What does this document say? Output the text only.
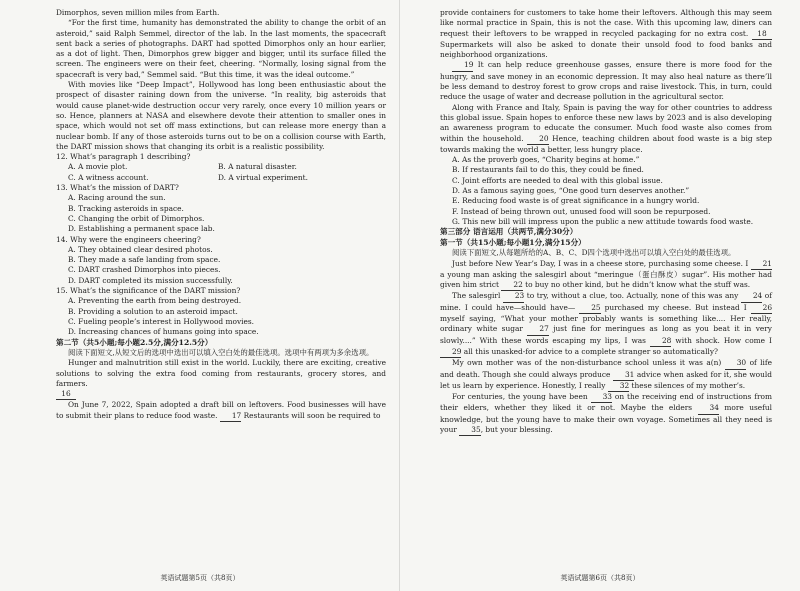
Dimorphos, seven million miles from Earth.

“For the first time, humanity has demonstrated the ability to change the orbit of an asteroid,” said Ralph Semmel, director of the lab. In the last moments, the spacecraft sent back a series of photographs. DART had spotted Dimorphos only an hour earlier, as a dot of light. Then, Dimorphos grew bigger and bigger, until its surface filled the screen. The engineers were on their feet, cheering. “Normally, losing signal from the spacecraft is very bad,” Semmel said. “But this time, it was the ideal outcome.”

With movies like “Deep Impact”, Hollywood has long been enthusiastic about the prospect of disaster raining down from the universe. “In reality, big asteroids that would cause planet-wide destruction occur very rarely, once every 10 million years or so. Hence, planners at NASA and elsewhere devote their attention to smaller ones in space, which would not set off mass extinctions, but can release more energy than a nuclear bomb. If any of those asteroids turns out to be on a collision course with Earth, the DART mission shows that changing its orbit is a realistic possibility.

12. What’s paragraph 1 describing?
A. A movie plot.	B. A natural disaster.
C. A witness account.	D. A virtual experiment.
13. What’s the mission of DART?
A. Racing around the sun.
B. Tracking asteroids in space.
C. Changing the orbit of Dimorphos.
D. Establishing a permanent space lab.
14. Why were the engineers cheering?
A. They obtained clear desired photos.
B. They made a safe landing from space.
C. DART crashed Dimorphos into pieces.
D. DART completed its mission successfully.
15. What’s the significance of the DART mission?
A. Preventing the earth from being destroyed.
B. Providing a solution to an asteroid impact.
C. Fueling people’s interest in Hollywood movies.
D. Increasing chances of humans going into space.

第二节（共5小题;每小题2.5分,满分12.5分）

阅读下面短文,从短文后的选项中选出可以填入空白处的最佳选项。选项中有两项为多余选项。

Hunger and malnutrition still exist in the world. Luckily, there are exciting, creative solutions to solving the extra food coming from restaurants, grocery stores, and farmers.

16

On June 7, 2022, Spain adopted a draft bill on leftovers. Food businesses will have to submit their plans to reduce food waste. 17 Restaurants will soon be required to

英语试题第5页（共8页）

provide containers for customers to take home their leftovers. Although this may seem like normal practice in Spain, this is not the case. With this upcoming law, diners can request their leftovers to be wrapped in recycled packaging for no extra cost. 18 Supermarkets will also be asked to donate their unsold food to food banks and neighborhood organizations.

19 It can help reduce greenhouse gasses, ensure there is more food for the hungry, and save money in an economic depression. It may also heal nature as there’ll be less demand to destroy forest to grow crops and raise livestock. This, in turn, could reduce the usage of water and decrease pollution in the agricultural sector.

Along with France and Italy, Spain is paving the way for other countries to address this global issue. Spain hopes to enforce these new laws by 2023 and is also developing an awareness program to educate the consumer. Much food waste also comes from within the household. 20 Hence, teaching children about food waste is a big step towards making the world a better, less hungry place.

A. As the proverb goes, “Charity begins at home.”
B. If restaurants fail to do this, they could be fined.
C. Joint efforts are needed to deal with this global issue.
D. As a famous saying goes, “One good turn deserves another.”
E. Reducing food waste is of great significance in a hungry world.
F. Instead of being thrown out, unused food will soon be repurposed.
G. This new bill will impress upon the public a new attitude towards food waste.

第三部分 语言运用（共两节,满分30分）

第一节（共15小题;每小题1分,满分15分）

阅读下面短文,从每题所给的A、B、C、D四个选项中选出可以填入空白处的最佳选项。

Just before New Year’s Day, I was in a cheese store, purchasing some cheese. I 21 a young man asking the salesgirl about “meringue（蛋白酥皮）sugar”. His mother had given him strict 22 to buy no other kind, but he didn’t know what the stuff was.

The salesgirl 23 to try, without a clue, too. Actually, none of this was any 24 of mine. I could have—should have— 25 purchased my cheese. But instead I 26 myself saying, “What your mother probably wants is something like.... Her really, ordinary white sugar 27 just fine for meringues as long as you beat it in very slowly....” With these words escaping my lips, I was 28 with shock. How come I 29 all this unasked-for advice to a complete stranger so automatically?

My own mother was of the non-disturbance school unless it was a(n) 30 of life and death. Though she could always produce 31 advice when asked for it, she would let us learn by experience. Honestly, I really 32 these silences of my mother’s.

For centuries, the young have been 33 on the receiving end of instructions from their elders, whether they liked it or not. Maybe the elders 34 more useful knowledge, but the young have to make their own voyage. Sometimes all they need is your 35, but your blessing.

英语试题第6页（共8页）
